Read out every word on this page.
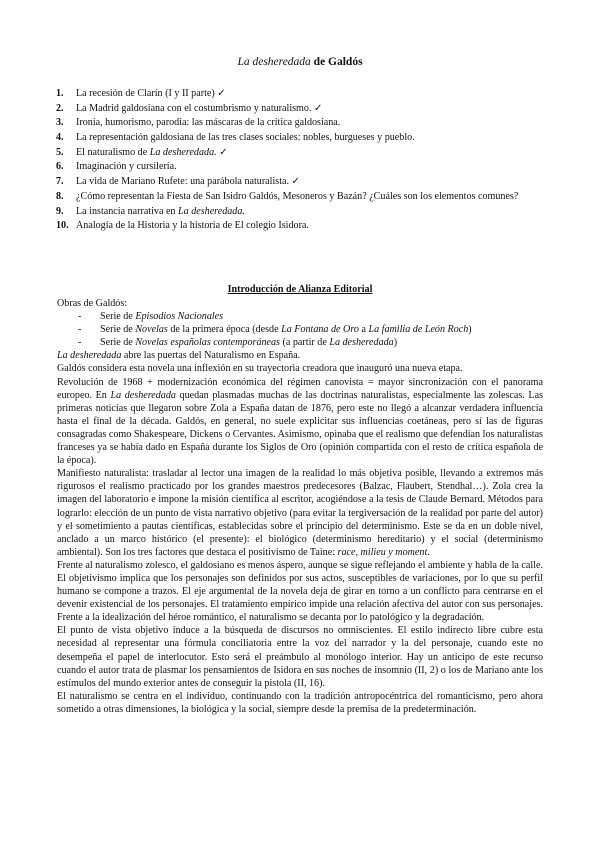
La desheredada de Galdós
1. La recesión de Clarín (I y II parte) ✓
2. La Madrid galdosiana con el costumbrismo y naturalismo. ✓
3. Ironía, humorismo, parodia: las máscaras de la crítica galdosiana.
4. La representación galdosiana de las tres clases sociales: nobles, burgueses y pueblo.
5. El naturalismo de La desheredada. ✓
6. Imaginación y cursilería.
7. La vida de Mariano Rufete: una parábola naturalista. ✓
8. ¿Cómo representan la Fiesta de San Isidro Galdós, Mesoneros y Bazán? ¿Cuáles son los elementos comunes?
9. La instancia narrativa en La desheredada.
10. Analogía de la Historia y la historia de El colegio Isidora.
Introducción de Alianza Editorial

Obras de Galdós:

- Serie de Episodios Nacionales

- Serie de Novelas de la primera época (desde La Fontana de Oro a La familia de León Roch)

- Serie de Novelas españolas contemporáneas (a partir de La desheredada)

La desheredada abre las puertas del Naturalismo en España.

Galdós considera esta novela una inflexión en su trayectoria creadora que inauguró una nueva etapa.

Revolución de 1968 + modernización económica del régimen canovista = mayor sincronización con el panorama europeo. En La desheredada quedan plasmadas muchas de las doctrinas naturalistas, especialmente las zolescas. Las primeras noticias que llegaron sobre Zola a España datan de 1876, pero este no llegó a alcanzar verdadera influencia hasta el final de la década. Galdós, en general, no suele explicitar sus influencias coetáneas, pero sí las de figuras consagradas como Shakespeare, Dickens o Cervantes. Asimismo, opinaba que el realismo que defendían los naturalistas franceses ya se había dado en España durante los Siglos de Oro (opinión compartida con el resto de crítica española de la época).

Manifiesto naturalista: trasladar al lector una imagen de la realidad lo más objetiva posible, llevando a extremos más rigurosos el realismo practicado por los grandes maestros predecesores (Balzac, Flaubert, Stendhal…). Zola crea la imagen del laboratorio e impone la misión científica al escritor, acogiéndose a la tesis de Claude Bernard. Métodos para lograrlo: elección de un punto de vista narrativo objetivo (para evitar la tergiversación de la realidad por parte del autor) y el sometimiento a pautas científicas, establecidas sobre el principio del determinismo. Este se da en un doble nivel, anclado a un marco histórico (el presente): el biológico (determinismo hereditario) y el social (determinismo ambiental). Son los tres factores que destaca el positivismo de Taine: race, milieu y moment.

Frente al naturalismo zolesco, el galdosiano es menos áspero, aunque se sigue reflejando el ambiente y habla de la calle. El objetivismo implica que los personajes son definidos por sus actos, susceptibles de variaciones, por lo que su perfil humano se compone a trazos. El eje argumental de la novela deja de girar en torno a un conflicto para centrarse en el devenir existencial de los personajes. El tratamiento empírico impide una relación afectiva del autor con sus personajes. Frente a la idealización del héroe romántico, el naturalismo se decanta por lo patológico y la degradación.

El punto de vista objetivo induce a la búsqueda de discursos no omniscientes. El estilo indirecto libre cubre esta necesidad al representar una fórmula conciliatoria entre la voz del narrador y la del personaje, cuando este no desempeña el papel de interlocutor. Esto será el preámbulo al monólogo interior. Hay un anticipo de este recurso cuando el autor trata de plasmar los pensamientos de Isidora en sus noches de insomnio (II, 2) o los de Mariano ante los estímulos del mundo exterior antes de conseguir la pistola (II, 16).

El naturalismo se centra en el individuo, continuando con la tradición antropocéntrica del romanticismo, pero ahora sometido a otras dimensiones, la biológica y la social, siempre desde la premisa de la predeterminación.
